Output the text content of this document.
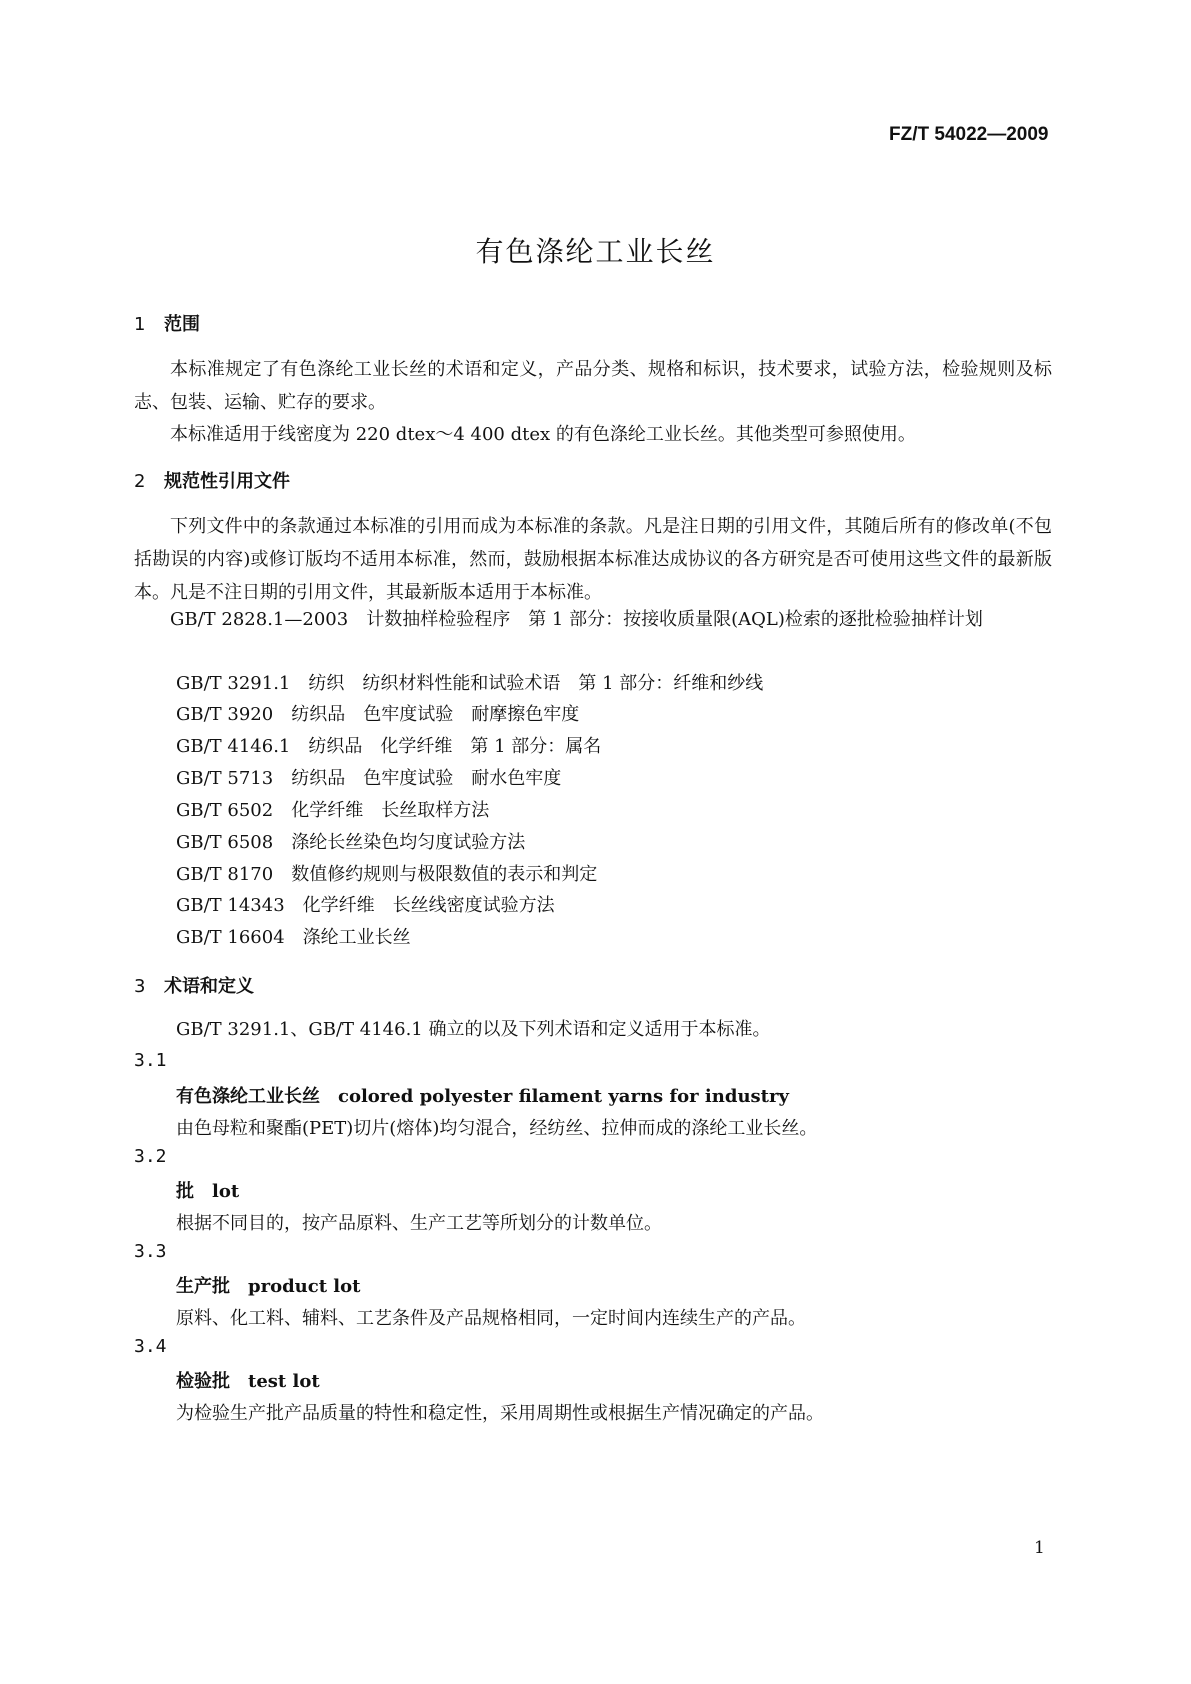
FZ/T 54022—2009
有色涤纶工业长丝
1 范围
本标准规定了有色涤纶工业长丝的术语和定义，产品分类、规格和标识，技术要求，试验方法，检验规则及标志、包装、运输、贮存的要求。
本标准适用于线密度为 220 dtex～4 400 dtex 的有色涤纶工业长丝。其他类型可参照使用。
2 规范性引用文件
下列文件中的条款通过本标准的引用而成为本标准的条款。凡是注日期的引用文件，其随后所有的修改单(不包括勘误的内容)或修订版均不适用本标准，然而，鼓励根据本标准达成协议的各方研究是否可使用这些文件的最新版本。凡是不注日期的引用文件，其最新版本适用于本标准。
GB/T 2828.1—2003　计数抽样检验程序　第 1 部分：按接收质量限(AQL)检索的逐批检验抽样计划
GB/T 3291.1　纺织　纺织材料性能和试验术语　第 1 部分：纤维和纱线
GB/T 3920　纺织品　色牢度试验　耐摩擦色牢度
GB/T 4146.1　纺织品　化学纤维　第 1 部分：属名
GB/T 5713　纺织品　色牢度试验　耐水色牢度
GB/T 6502　化学纤维　长丝取样方法
GB/T 6508　涤纶长丝染色均匀度试验方法
GB/T 8170　数值修约规则与极限数值的表示和判定
GB/T 14343　化学纤维　长丝线密度试验方法
GB/T 16604　涤纶工业长丝
3 术语和定义
GB/T 3291.1、GB/T 4146.1 确立的以及下列术语和定义适用于本标准。
3.1
有色涤纶工业长丝 colored polyester filament yarns for industry
由色母粒和聚酯(PET)切片(熔体)均匀混合，经纺丝、拉伸而成的涤纶工业长丝。
3.2
批 lot
根据不同目的，按产品原料、生产工艺等所划分的计数单位。
3.3
生产批 product lot
原料、化工料、辅料、工艺条件及产品规格相同，一定时间内连续生产的产品。
3.4
检验批 test lot
为检验生产批产品质量的特性和稳定性，采用周期性或根据生产情况确定的产品。
1
